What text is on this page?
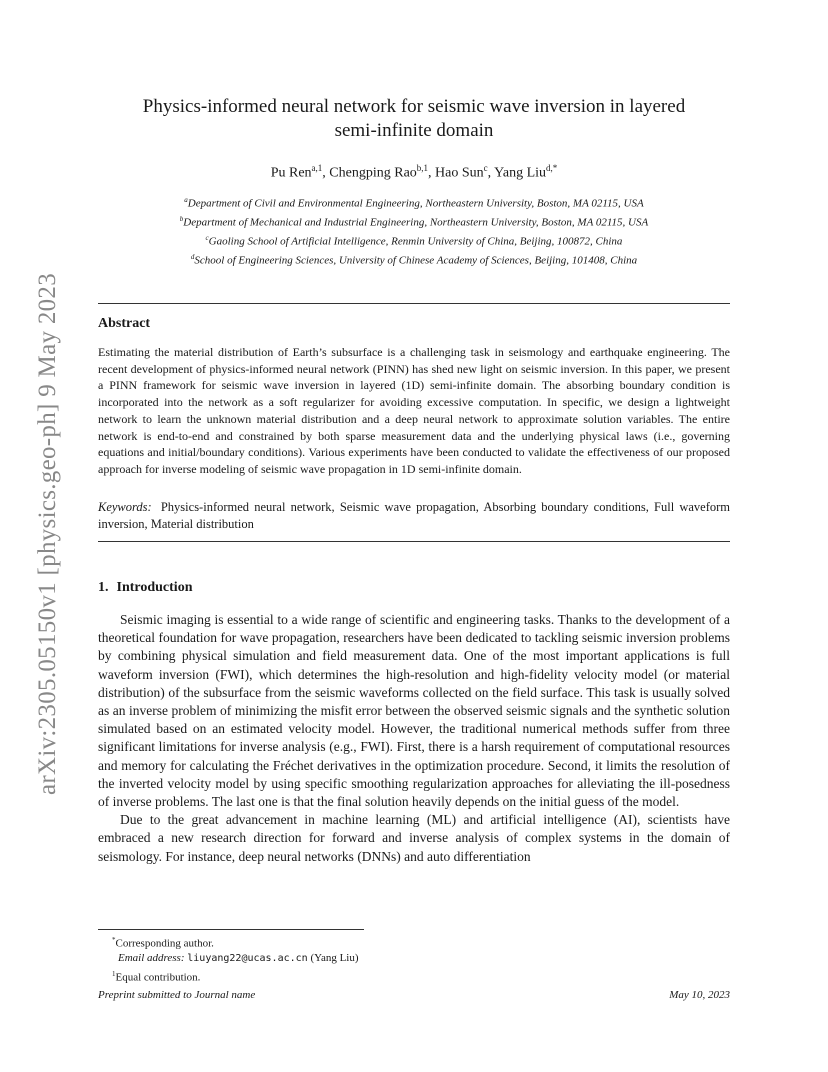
arXiv:2305.05150v1 [physics.geo-ph] 9 May 2023
Physics-informed neural network for seismic wave inversion in layered
semi-infinite domain
Pu Ren$^{a,1}$, Chengping Rao$^{b,1}$, Hao Sun$^c$, Yang Liu$^{d,*}$
$^a$Department of Civil and Environmental Engineering, Northeastern University, Boston, MA 02115, USA
$^b$Department of Mechanical and Industrial Engineering, Northeastern University, Boston, MA 02115, USA
$^c$Gaoling School of Artificial Intelligence, Renmin University of China, Beijing, 100872, China
$^d$School of Engineering Sciences, University of Chinese Academy of Sciences, Beijing, 101408, China
Abstract
Estimating the material distribution of Earth’s subsurface is a challenging task in seismology and earthquake engineering. The recent development of physics-informed neural network (PINN) has shed new light on seismic inversion. In this paper, we present a PINN framework for seismic wave inversion in layered (1D) semi-infinite domain. The absorbing boundary condition is incorporated into the network as a soft regularizer for avoiding excessive computation. In specific, we design a lightweight network to learn the unknown material distribution and a deep neural network to approximate solution variables. The entire network is end-to-end and constrained by both sparse measurement data and the underlying physical laws (i.e., governing equations and initial/boundary conditions). Various experiments have been conducted to validate the effectiveness of our proposed approach for inverse modeling of seismic wave propagation in 1D semi-infinite domain.
Keywords: Physics-informed neural network, Seismic wave propagation, Absorbing boundary conditions, Full waveform inversion, Material distribution
1. Introduction

Seismic imaging is essential to a wide range of scientific and engineering tasks. Thanks to the development of a theoretical foundation for wave propagation, researchers have been dedicated to tackling seismic inversion problems by combining physical simulation and field measurement data. One of the most important applications is full waveform inversion (FWI), which determines the high-resolution and high-fidelity velocity model (or material distribution) of the subsurface from the seismic waveforms collected on the field surface. This task is usually solved as an inverse problem of minimizing the misfit error between the observed seismic signals and the synthetic solution simulated based on an estimated velocity model. However, the traditional numerical methods suffer from three significant limitations for inverse analysis (e.g., FWI). First, there is a harsh requirement of computational resources and memory for calculating the Fréchet derivatives in the optimization procedure. Second, it limits the resolution of the inverted velocity model by using specific smoothing regularization approaches for alleviating the ill-posedness of inverse problems. The last one is that the final solution heavily depends on the initial guess of the model.

Due to the great advancement in machine learning (ML) and artificial intelligence (AI), scientists have embraced a new research direction for forward and inverse analysis of complex systems in the domain of seismology. For instance, deep neural networks (DNNs) and auto differentiation

*Corresponding author.
Email address: liuyang22@ucas.ac.cn (Yang Liu)
$^1$Equal contribution.
Preprint submitted to Journal name	May 10, 2023
